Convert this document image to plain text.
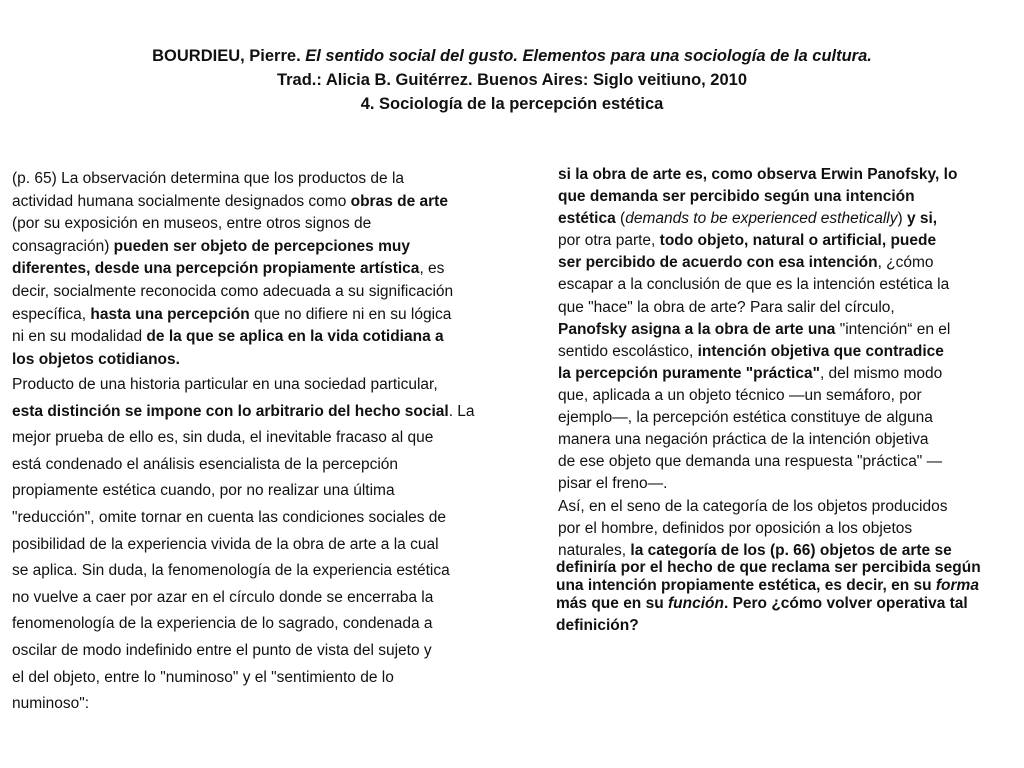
BOURDIEU, Pierre. El sentido social del gusto. Elementos para una sociología de la cultura.
Trad.: Alicia B. Guitérrez. Buenos Aires: Siglo veitiuno, 2010
4. Sociología de la percepción estética
(p. 65) La observación determina que los productos de la
actividad humana socialmente designados como obras de arte
(por su exposición en museos, entre otros signos de
consagración) pueden ser objeto de percepciones muy
diferentes, desde una percepción propiamente artística, es
decir, socialmente reconocida como adecuada a su significación
específica, hasta una percepción que no difiere ni en su lógica
ni en su modalidad de la que se aplica en la vida cotidiana a
los objetos cotidianos.
Producto de una historia particular en una sociedad particular,
esta distinción se impone con lo arbitrario del hecho social. La
mejor prueba de ello es, sin duda, el inevitable fracaso al que
está condenado el análisis esencialista de la percepción
propiamente estética cuando, por no realizar una última
"reducción", omite tornar en cuenta las condiciones sociales de
posibilidad de la experiencia vivida de la obra de arte a la cual
se aplica. Sin duda, la fenomenología de la experiencia estética
no vuelve a caer por azar en el círculo donde se encerraba la
fenomenología de la experiencia de lo sagrado, condenada a
oscilar de modo indefinido entre el punto de vista del sujeto y
el del objeto, entre lo "numinoso" y el "sentimiento de lo
numinoso":
si la obra de arte es, como observa Erwin Panofsky, lo
que demanda ser percibido según una intención
estética (demands to be experienced esthetically) y si,
por otra parte, todo objeto, natural o artificial, puede
ser percibido de acuerdo con esa intención, ¿cómo
escapar a la conclusión de que es la intención estética la
que "hace" la obra de arte? Para salir del círculo,
Panofsky asigna a la obra de arte una "intención“ en el
sentido escolástico, intención objetiva que contradice
la percepción puramente "práctica", del mismo modo
que, aplicada a un objeto técnico —un semáforo, por
ejemplo—, la percepción estética constituye de alguna
manera una negación práctica de la intención objetiva
de ese objeto que demanda una respuesta "práctica" —
pisar el freno—.
Así, en el seno de la categoría de los objetos producidos
por el hombre, definidos por oposición a los objetos
naturales, la categoría de los (p. 66) objetos de arte se
definiría por el hecho de que reclama ser percibida según
una intención propiamente estética, es decir, en su forma
más que en su función. Pero ¿cómo volver operativa tal
definición?
